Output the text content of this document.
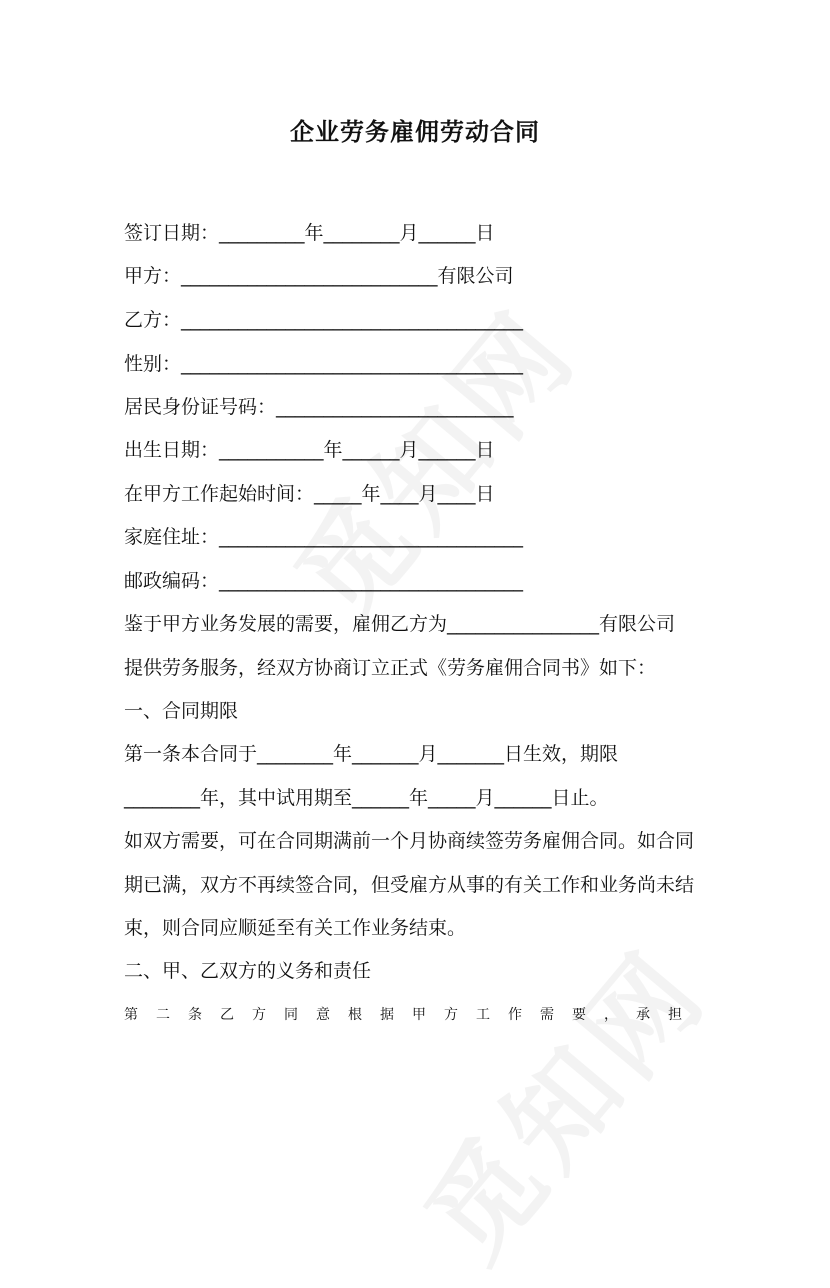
企业劳务雇佣劳动合同
签订日期：_________年________月______日
甲方：___________________________有限公司
乙方：____________________________________
性别：____________________________________
居民身份证号码：_________________________
出生日期：___________年______月______日
在甲方工作起始时间：_____年____月____日
家庭住址：________________________________
邮政编码：________________________________
鉴于甲方业务发展的需要，雇佣乙方为________________有限公司
提供劳务服务，经双方协商订立正式《劳务雇佣合同书》如下：
一、合同期限
第一条本合同于________年_______月_______日生效，期限
________年，其中试用期至______年_____月______日止。
如双方需要，可在合同期满前一个月协商续签劳务雇佣合同。如合同
期已满，双方不再续签合同，但受雇方从事的有关工作和业务尚未结
束，则合同应顺延至有关工作业务结束。
二、甲、乙双方的义务和责任
第二条乙方同意根据甲方工作需要，承担
